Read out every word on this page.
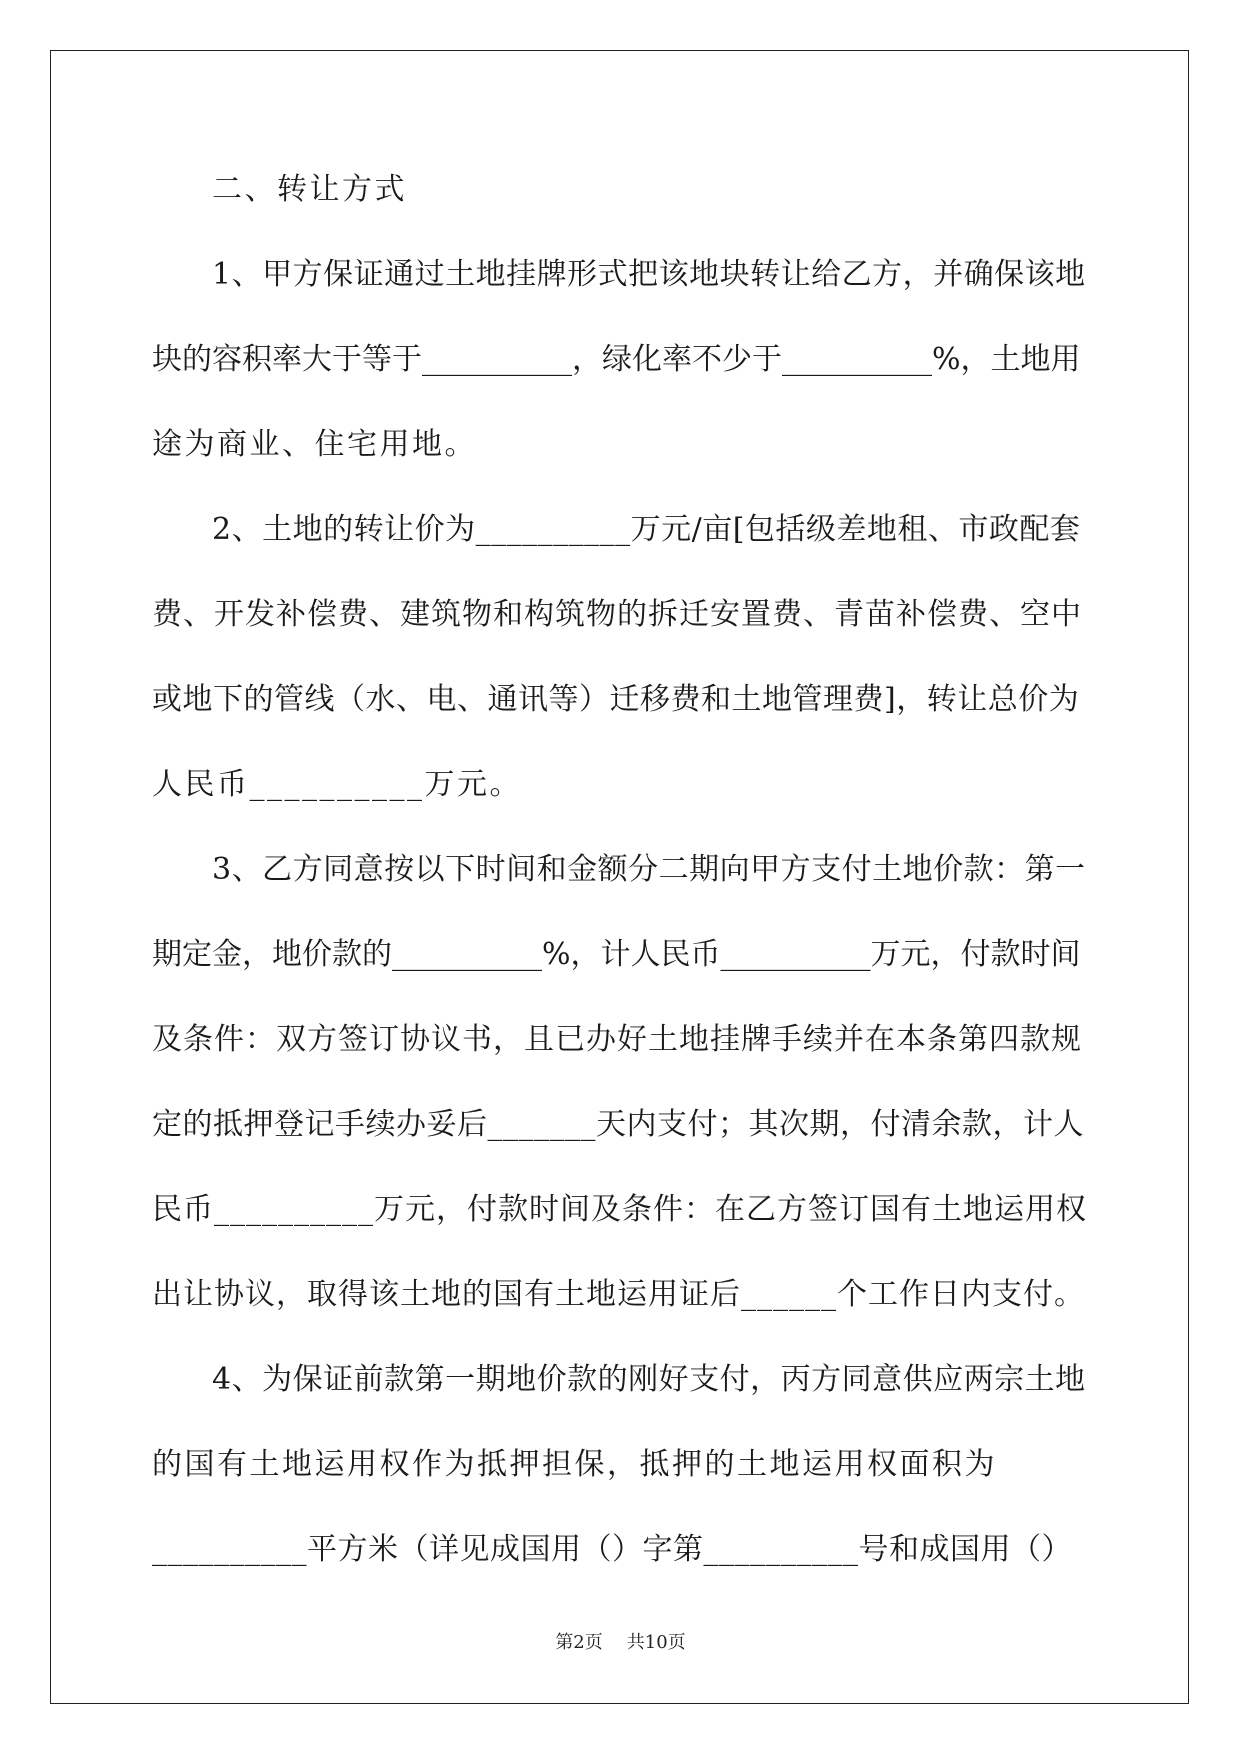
二、转让方式
1、甲方保证通过土地挂牌形式把该地块转让给乙方，并确保该地
块的容积率大于等于__________，绿化率不少于__________%，土地用
途为商业、住宅用地。
2、土地的转让价为__________万元/亩[包括级差地租、市政配套
费、开发补偿费、建筑物和构筑物的拆迁安置费、青苗补偿费、空中
或地下的管线（水、电、通讯等）迁移费和土地管理费]，转让总价为
人民币__________万元。
3、乙方同意按以下时间和金额分二期向甲方支付土地价款：第一
期定金，地价款的__________%，计人民币__________万元，付款时间
及条件：双方签订协议书，且已办好土地挂牌手续并在本条第四款规
定的抵押登记手续办妥后_______天内支付；其次期，付清余款，计人
民币__________万元，付款时间及条件：在乙方签订国有土地运用权
出让协议，取得该土地的国有土地运用证后______个工作日内支付。
4、为保证前款第一期地价款的刚好支付，丙方同意供应两宗土地
的国有土地运用权作为抵押担保，抵押的土地运用权面积为
__________平方米（详见成国用（）字第__________号和成国用（）
第2页 共10页
